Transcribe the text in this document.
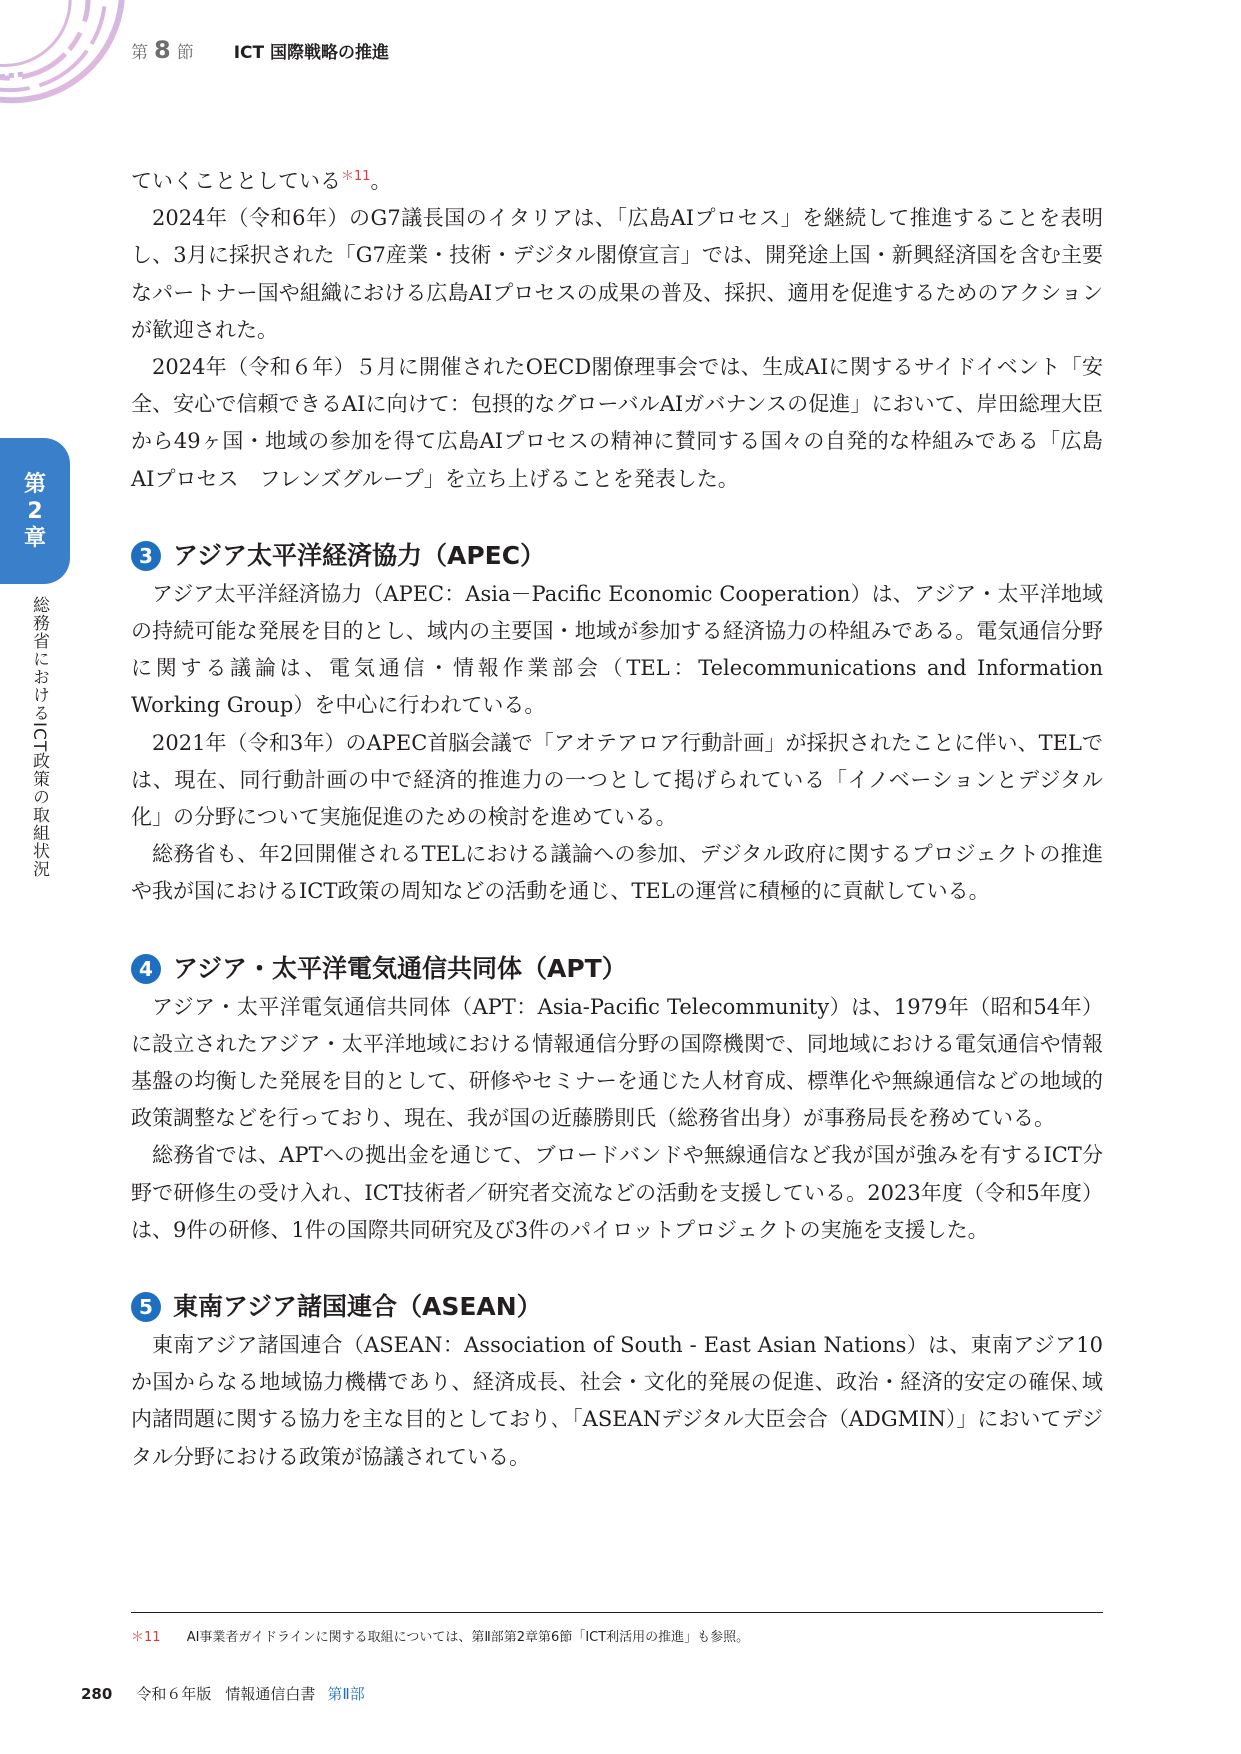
第 8 節 ICT 国際戦略の推進
第
2
章
総務省におけるICT政策の取組状況

ていくこととしている$^{*11}$。

2024年（令和6年）のG7議長国のイタリアは、「広島AIプロセス」を継続して推進することを表明し、3月に採択された「G7産業・技術・デジタル閣僚宣言」では、開発途上国・新興経済国を含む主要なパートナー国や組織における広島AIプロセスの成果の普及、採択、適用を促進するためのアクションが歓迎された。

2024年（令和６年）５月に開催されたOECD閣僚理事会では、生成AIに関するサイドイベント「安全、安心で信頼できるAIに向けて：包摂的なグローバルAIガバナンスの促進」において、岸田総理大臣から49ヶ国・地域の参加を得て広島AIプロセスの精神に賛同する国々の自発的な枠組みである「広島AIプロセス　フレンズグループ」を立ち上げることを発表した。

3 アジア太平洋経済協力（APEC）

アジア太平洋経済協力（APEC：Asia－Pacific Economic Cooperation）は、アジア・太平洋地域の持続可能な発展を目的とし、域内の主要国・地域が参加する経済協力の枠組みである。電気通信分野に関する議論は、電気通信・情報作業部会（TEL：Telecommunications and Information Working Group）を中心に行われている。

2021年（令和3年）のAPEC首脳会議で「アオテアロア行動計画」が採択されたことに伴い、TELでは、現在、同行動計画の中で経済的推進力の一つとして掲げられている「イノベーションとデジタル化」の分野について実施促進のための検討を進めている。

総務省も、年2回開催されるTELにおける議論への参加、デジタル政府に関するプロジェクトの推進や我が国におけるICT政策の周知などの活動を通じ、TELの運営に積極的に貢献している。

4 アジア・太平洋電気通信共同体（APT）

アジア・太平洋電気通信共同体（APT：Asia-Pacific Telecommunity）は、1979年（昭和54年）に設立されたアジア・太平洋地域における情報通信分野の国際機関で、同地域における電気通信や情報基盤の均衡した発展を目的として、研修やセミナーを通じた人材育成、標準化や無線通信などの地域的政策調整などを行っており、現在、我が国の近藤勝則氏（総務省出身）が事務局長を務めている。

総務省では、APTへの拠出金を通じて、ブロードバンドや無線通信など我が国が強みを有するICT分野で研修生の受け入れ、ICT技術者／研究者交流などの活動を支援している。2023年度（令和5年度）は、9件の研修、1件の国際共同研究及び3件のパイロットプロジェクトの実施を支援した。

5 東南アジア諸国連合（ASEAN）

東南アジア諸国連合（ASEAN：Association of South ‐ East Asian Nations）は、東南アジア10か国からなる地域協力機構であり、経済成長、社会・文化的発展の促進、政治・経済的安定の確保､域内諸問題に関する協力を主な目的としており､「ASEANデジタル大臣会合（ADGMIN）」においてデジタル分野における政策が協議されている。

＊11 AI事業者ガイドラインに関する取組については、第Ⅱ部第2章第6節「ICT利活用の推進」も参照。
280 令和６年版 情報通信白書 第Ⅱ部
